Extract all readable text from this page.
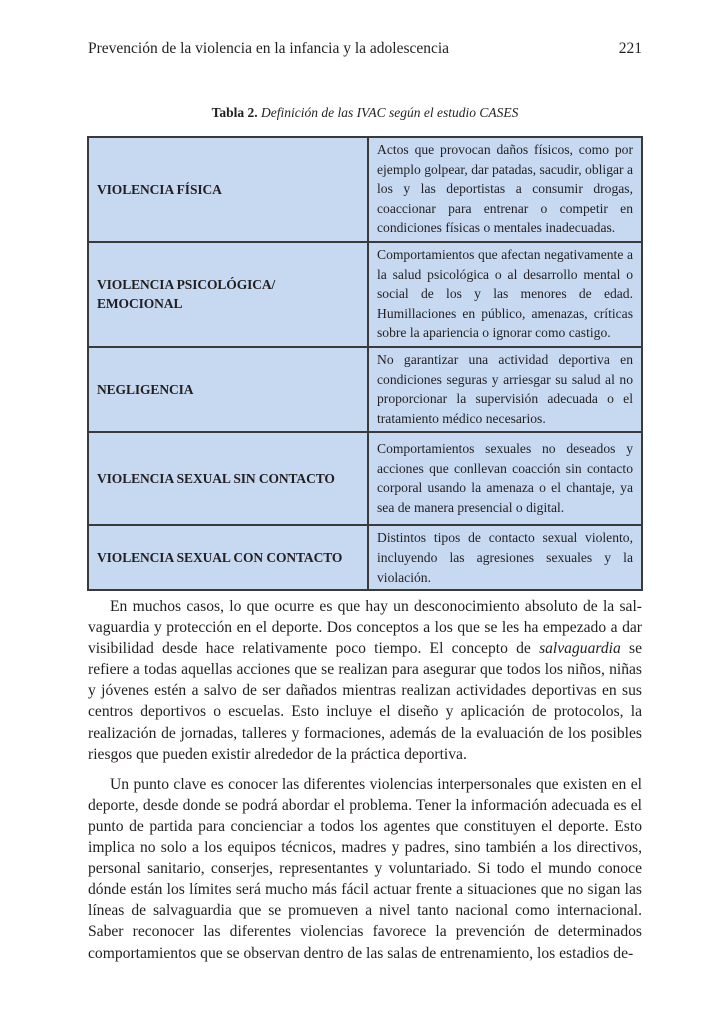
Prevención de la violencia en la infancia y la adolescencia	221
Tabla 2. Definición de las IVAC según el estudio CASES
VIOLENCIA FÍSICA	Actos que provocan daños físicos, como por ejemplo golpear, dar patadas, sacudir, obligar a los y las deportistas a consumir drogas, coaccionar para entrenar o competir en condiciones físicas o mentales inadecuadas.
VIOLENCIA PSICOLÓGICA/ EMOCIONAL	Comportamientos que afectan negativamente a la salud psicológica o al desarrollo mental o social de los y las menores de edad. Humillaciones en público, amenazas, críticas sobre la apariencia o ignorar como castigo.
NEGLIGENCIA	No garantizar una actividad deportiva en condiciones seguras y arriesgar su salud al no proporcionar la supervisión adecuada o el tratamiento médico necesarios.
VIOLENCIA SEXUAL SIN CONTACTO	Comportamientos sexuales no deseados y acciones que conllevan coacción sin contacto corporal usando la amenaza o el chantaje, ya sea de manera presencial o digital.
VIOLENCIA SEXUAL CON CONTACTO	Distintos tipos de contacto sexual violento, incluyendo las agresiones sexuales y la violación.

En muchos casos, lo que ocurre es que hay un desconocimiento absoluto de la salvaguardia y protección en el deporte. Dos conceptos a los que se les ha empezado a dar visibilidad desde hace relativamente poco tiempo. El concepto de salvaguardia se refiere a todas aquellas acciones que se realizan para asegurar que todos los niños, niñas y jóvenes estén a salvo de ser dañados mientras realizan actividades deportivas en sus centros deportivos o escuelas. Esto incluye el diseño y aplicación de protocolos, la realización de jornadas, talleres y formaciones, además de la evaluación de los posibles riesgos que pueden existir alrededor de la práctica deportiva.

Un punto clave es conocer las diferentes violencias interpersonales que existen en el deporte, desde donde se podrá abordar el problema. Tener la información adecuada es el punto de partida para concienciar a todos los agentes que constituyen el deporte. Esto implica no solo a los equipos técnicos, madres y padres, sino también a los directivos, personal sanitario, conserjes, representantes y voluntariado. Si todo el mundo conoce dónde están los límites será mucho más fácil actuar frente a situaciones que no sigan las líneas de salvaguardia que se promueven a nivel tanto nacional como internacional. Saber reconocer las diferentes violencias favorece la prevención de determinados comportamientos que se observan dentro de las salas de entrenamiento, los estadios de-
